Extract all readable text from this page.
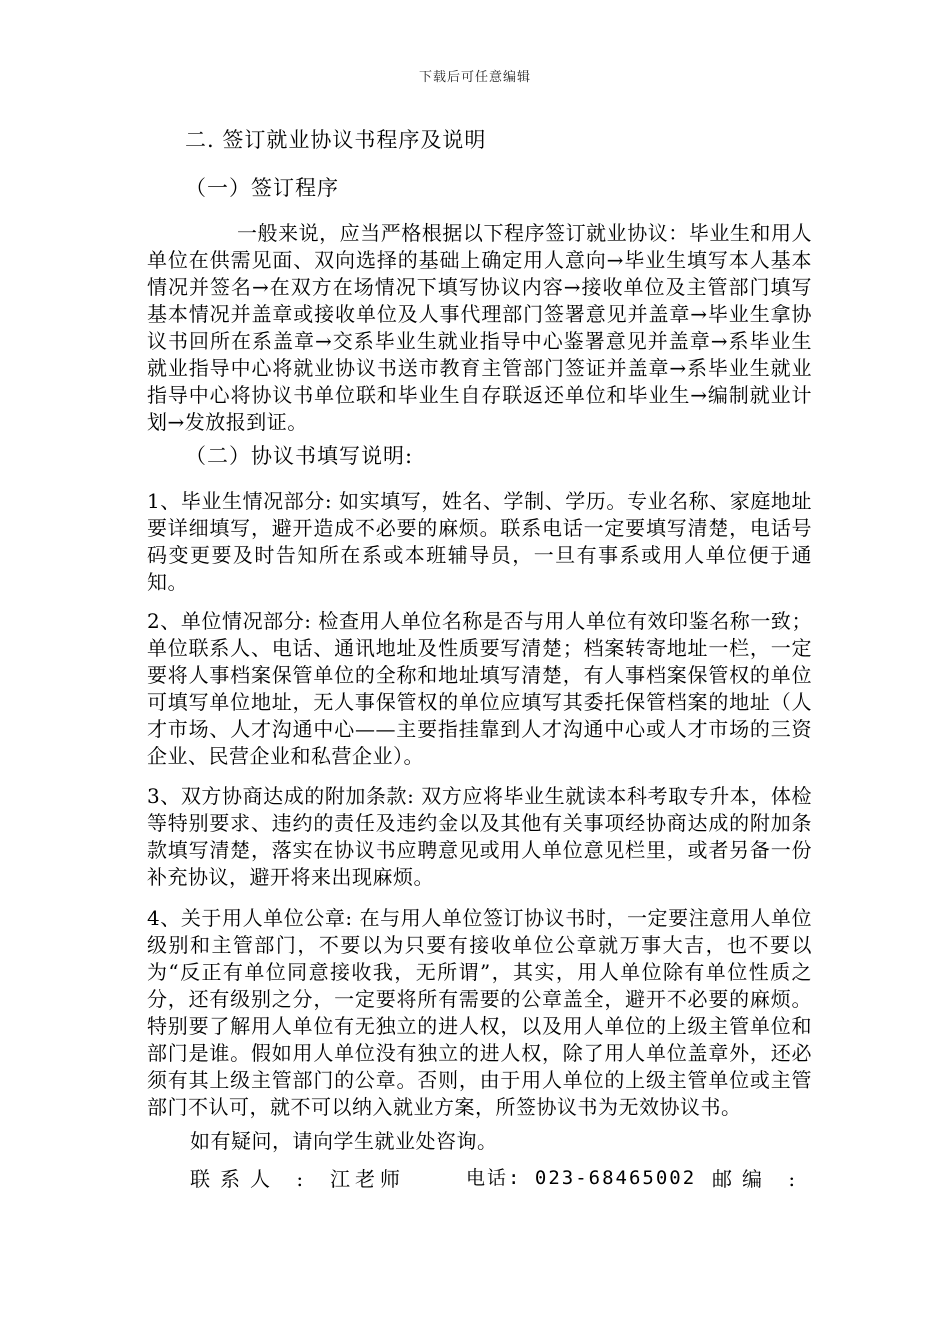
下载后可任意编辑
二. 签订就业协议书程序及说明
（一）签订程序
一般来说，应当严格根据以下程序签订就业协议：毕业生和用人单位在供需见面、双向选择的基础上确定用人意向→毕业生填写本人基本情况并签名→在双方在场情况下填写协议内容→接收单位及主管部门填写基本情况并盖章或接收单位及人事代理部门签署意见并盖章→毕业生拿协议书回所在系盖章→交系毕业生就业指导中心鉴署意见并盖章→系毕业生就业指导中心将就业协议书送市教育主管部门签证并盖章→系毕业生就业指导中心将协议书单位联和毕业生自存联返还单位和毕业生→编制就业计划→发放报到证。
（二）协议书填写说明:
1、毕业生情况部分: 如实填写，姓名、学制、学历。专业名称、家庭地址要详细填写，避开造成不必要的麻烦。联系电话一定要填写清楚，电话号码变更要及时告知所在系或本班辅导员，一旦有事系或用人单位便于通知。
2、单位情况部分: 检查用人单位名称是否与用人单位有效印鉴名称一致；单位联系人、电话、通讯地址及性质要写清楚；档案转寄地址一栏，一定要将人事档案保管单位的全称和地址填写清楚，有人事档案保管权的单位可填写单位地址，无人事保管权的单位应填写其委托保管档案的地址（人才市场、人才沟通中心——主要指挂靠到人才沟通中心或人才市场的三资企业、民营企业和私营企业）。
3、双方协商达成的附加条款: 双方应将毕业生就读本科考取专升本，体检等特别要求、违约的责任及违约金以及其他有关事项经协商达成的附加条款填写清楚，落实在协议书应聘意见或用人单位意见栏里，或者另备一份补充协议，避开将来出现麻烦。
4、关于用人单位公章: 在与用人单位签订协议书时，一定要注意用人单位级别和主管部门，不要以为只要有接收单位公章就万事大吉，也不要以为“反正有单位同意接收我，无所谓”，其实，用人单位除有单位性质之分，还有级别之分，一定要将所有需要的公章盖全，避开不必要的麻烦。特别要了解用人单位有无独立的进人权，以及用人单位的上级主管单位和部门是谁。假如用人单位没有独立的进人权，除了用人单位盖章外，还必须有其上级主管部门的公章。否则，由于用人单位的上级主管单位或主管部门不认可，就不可以纳入就业方案，所签协议书为无效协议书。
如有疑问，请向学生就业处咨询。
联系人 : 江老师	电话: 023-68465002 邮编 :
